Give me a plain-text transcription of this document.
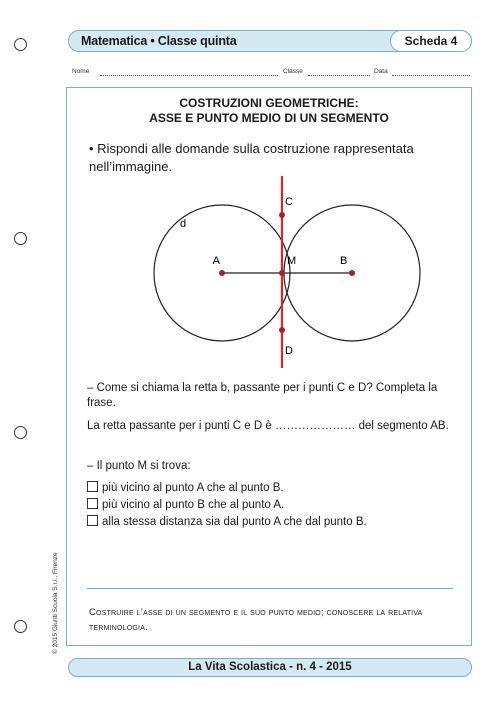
Matematica • Classe quinta	Scheda 4
Nome	Classe	Data
COSTRUZIONI GEOMETRICHE:
ASSE E PUNTO MEDIO DI UN SEGMENTO
• Rispondi alle domande sulla costruzione rappresentata nell’immagine.
– Come si chiama la retta b, passante per i punti C e D? Completa la frase.
La retta passante per i punti C e D è ………………… del segmento AB.
– Il punto M si trova:
più vicino al punto A che al punto B.
più vicino al punto B che al punto A.
alla stessa distanza sia dal punto A che dal punto B.
Costruire l’asse di un segmento e il suo punto medio; conoscere la relativa terminologia.
A	B
M
C
D
d
-
La Vita Scolastica - n. 4 - 2015
© 2015 Giunti Scuola S.r.l., Firenze
